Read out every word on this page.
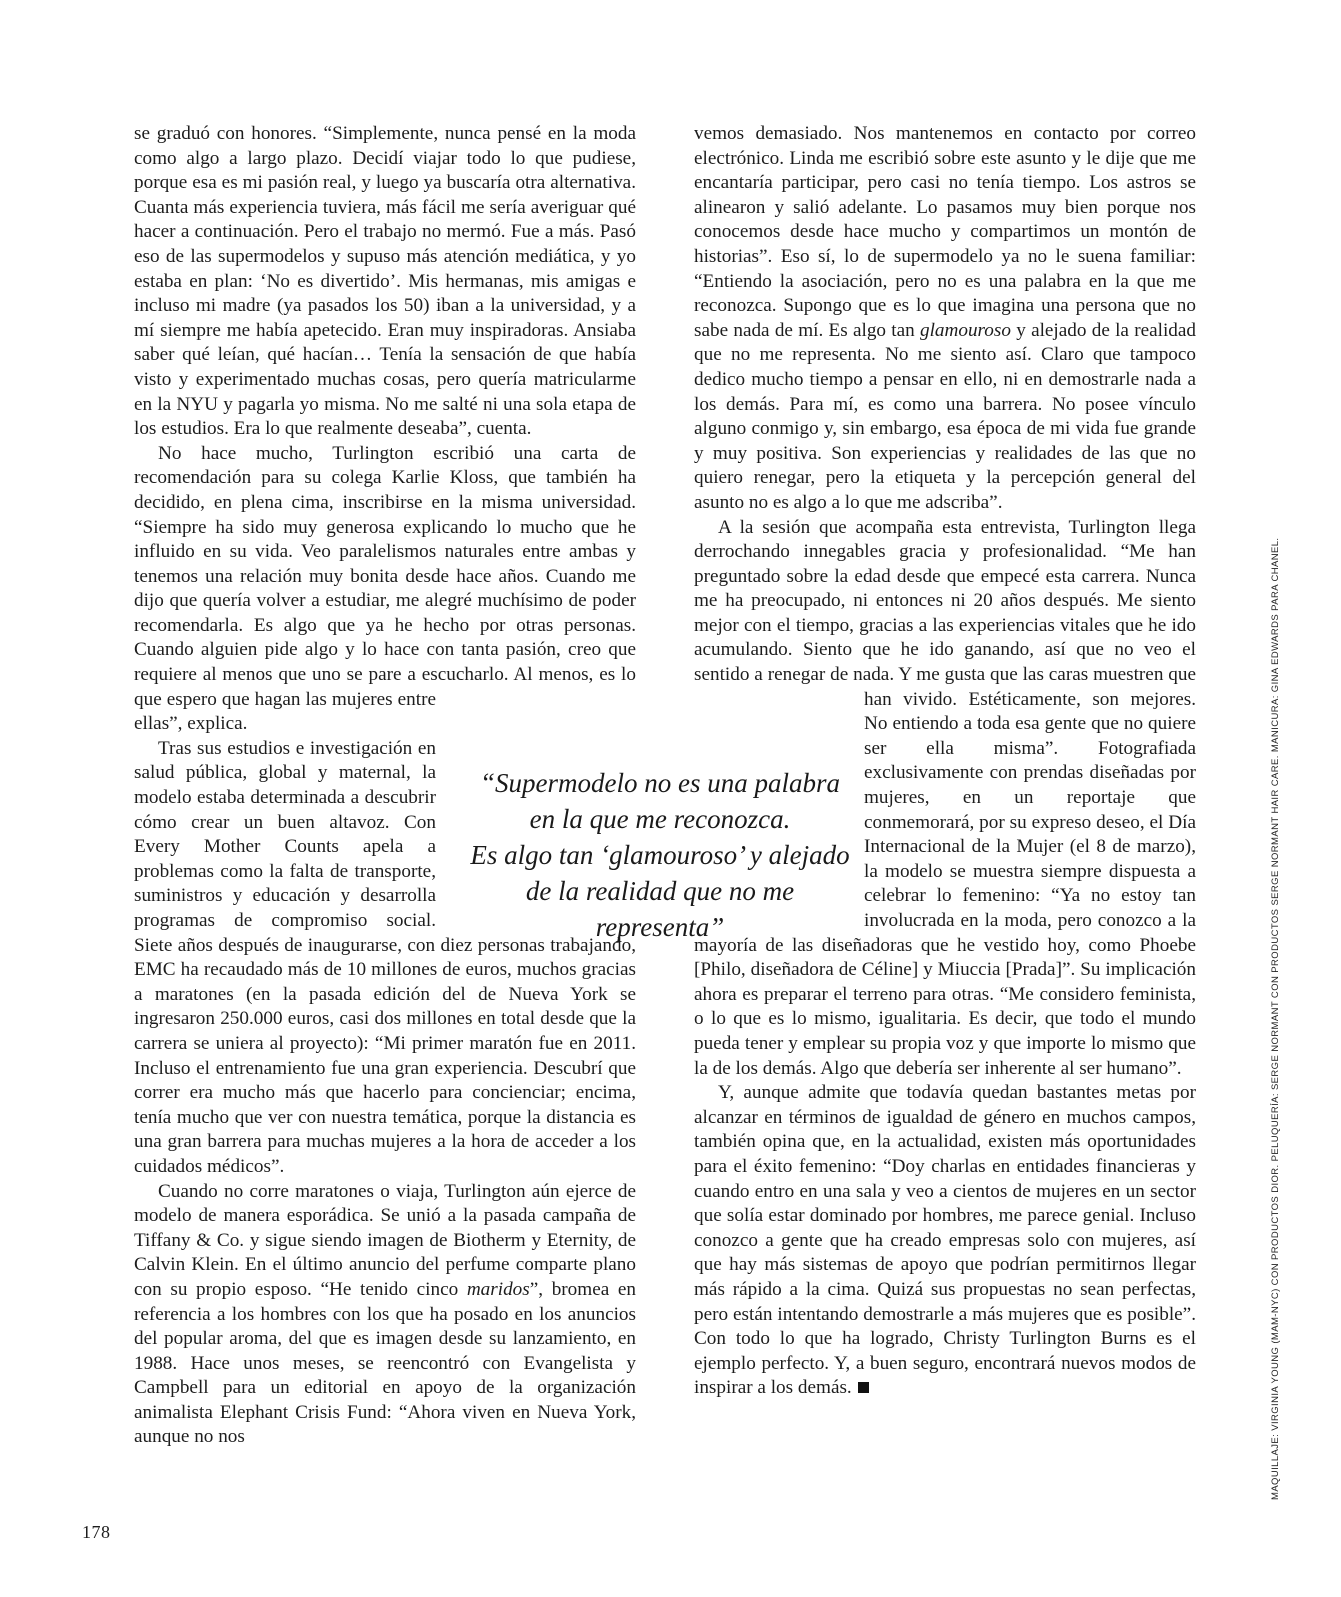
se graduó con honores. “Simplemente, nunca pensé en la moda como algo a largo plazo. Decidí viajar todo lo que pudiese, porque esa es mi pasión real, y luego ya buscaría otra alternativa. Cuanta más experiencia tuviera, más fácil me sería averiguar qué hacer a continuación. Pero el trabajo no mermó. Fue a más. Pasó eso de las supermodelos y supuso más atención mediática, y yo estaba en plan: ‘No es divertido’. Mis hermanas, mis amigas e incluso mi madre (ya pasados los 50) iban a la universidad, y a mí siempre me había apetecido. Eran muy inspiradoras. Ansiaba saber qué leían, qué hacían… Tenía la sensación de que había visto y experimentado muchas cosas, pero quería matricularme en la NYU y pagarla yo misma. No me salté ni una sola etapa de los estudios. Era lo que realmente deseaba”, cuenta.

No hace mucho, Turlington escribió una carta de recomendación para su colega Karlie Kloss, que también ha decidido, en plena cima, inscribirse en la misma universidad. “Siempre ha sido muy generosa explicando lo mucho que he influido en su vida. Veo paralelismos naturales entre ambas y tenemos una relación muy bonita desde hace años. Cuando me dijo que quería volver a estudiar, me alegré muchísimo de poder recomendarla. Es algo que ya he hecho por otras personas. Cuando alguien pide algo y lo hace con tanta pasión, creo que requiere al menos que uno se pare a escucharlo. Al menos, es lo que espero que hagan las mujeres entre ellas”, explica.

Tras sus estudios e investigación en salud pública, global y maternal, la modelo estaba determinada a descubrir cómo crear un buen altavoz. Con Every Mother Counts apela a problemas como la falta de transporte, suministros y educación y desarrolla programas de compromiso social. Siete años después de inaugurarse, con diez personas trabajando, EMC ha recaudado más de 10 millones de euros, muchos gracias a maratones (en la pasada edición del de Nueva York se ingresaron 250.000 euros, casi dos millones en total desde que la carrera se uniera al proyecto): “Mi primer maratón fue en 2011. Incluso el entrenamiento fue una gran experiencia. Descubrí que correr era mucho más que hacerlo para concienciar; encima, tenía mucho que ver con nuestra temática, porque la distancia es una gran barrera para muchas mujeres a la hora de acceder a los cuidados médicos”.

Cuando no corre maratones o viaja, Turlington aún ejerce de modelo de manera esporádica. Se unió a la pasada campaña de Tiffany & Co. y sigue siendo imagen de Biotherm y Eternity, de Calvin Klein. En el último anuncio del perfume comparte plano con su propio esposo. “He tenido cinco maridos”, bromea en referencia a los hombres con los que ha posado en los anuncios del popular aroma, del que es imagen desde su lanzamiento, en 1988. Hace unos meses, se reencontró con Evangelista y Campbell para un editorial en apoyo de la organización animalista Elephant Crisis Fund: “Ahora viven en Nueva York, aunque no nos

vemos demasiado. Nos mantenemos en contacto por correo electrónico. Linda me escribió sobre este asunto y le dije que me encantaría participar, pero casi no tenía tiempo. Los astros se alinearon y salió adelante. Lo pasamos muy bien porque nos conocemos desde hace mucho y compartimos un montón de historias”. Eso sí, lo de supermodelo ya no le suena familiar: “Entiendo la asociación, pero no es una palabra en la que me reconozca. Supongo que es lo que imagina una persona que no sabe nada de mí. Es algo tan glamouroso y alejado de la realidad que no me representa. No me siento así. Claro que tampoco dedico mucho tiempo a pensar en ello, ni en demostrarle nada a los demás. Para mí, es como una barrera. No posee vínculo alguno conmigo y, sin embargo, esa época de mi vida fue grande y muy positiva. Son experiencias y realidades de las que no quiero renegar, pero la etiqueta y la percepción general del asunto no es algo a lo que me adscriba”.

A la sesión que acompaña esta entrevista, Turlington llega derrochando innegables gracia y profesionalidad. “Me han preguntado sobre la edad desde que empecé esta carrera. Nunca me ha preocupado, ni entonces ni 20 años después. Me siento mejor con el tiempo, gracias a las experiencias vitales que he ido acumulando. Siento que he ido ganando, así que no veo el sentido a renegar de nada. Y me gusta que las caras muestren que han vivido. Estéticamente, son mejores. No entiendo a toda esa gente que no quiere ser ella misma”. Fotografiada exclusivamente con prendas diseñadas por mujeres, en un reportaje que conmemorará, por su expreso deseo, el Día Internacional de la Mujer (el 8 de marzo), la modelo se muestra siempre dispuesta a celebrar lo femenino: “Ya no estoy tan involucrada en la moda, pero conozco a la mayoría de las diseñadoras que he vestido hoy, como Phoebe [Philo, diseñadora de Céline] y Miuccia [Prada]”. Su implicación ahora es preparar el terreno para otras. “Me considero feminista, o lo que es lo mismo, igualitaria. Es decir, que todo el mundo pueda tener y emplear su propia voz y que importe lo mismo que la de los demás. Algo que debería ser inherente al ser humano”.

Y, aunque admite que todavía quedan bastantes metas por alcanzar en términos de igualdad de género en muchos campos, también opina que, en la actualidad, existen más oportunidades para el éxito femenino: “Doy charlas en entidades financieras y cuando entro en una sala y veo a cientos de mujeres en un sector que solía estar dominado por hombres, me parece genial. Incluso conozco a gente que ha creado empresas solo con mujeres, así que hay más sistemas de apoyo que podrían permitirnos llegar más rápido a la cima. Quizá sus propuestas no sean perfectas, pero están intentando demostrarle a más mujeres que es posible”. Con todo lo que ha logrado, Christy Turlington Burns es el ejemplo perfecto. Y, a buen seguro, encontrará nuevos modos de inspirar a los demás.

“Supermodelo no es una palabra
en la que me reconozca.
Es algo tan ‘glamouroso’ y alejado
de la realidad que no me representa”
178
MAQUILLAJE: VIRGINIA YOUNG (MAM-NYC) CON PRODUCTOS DIOR. PELUQUERÍA: SERGE NORMANT CON PRODUCTOS SERGE NORMANT HAIR CARE. MANICURA: GINA EDWARDS PARA CHANEL.
